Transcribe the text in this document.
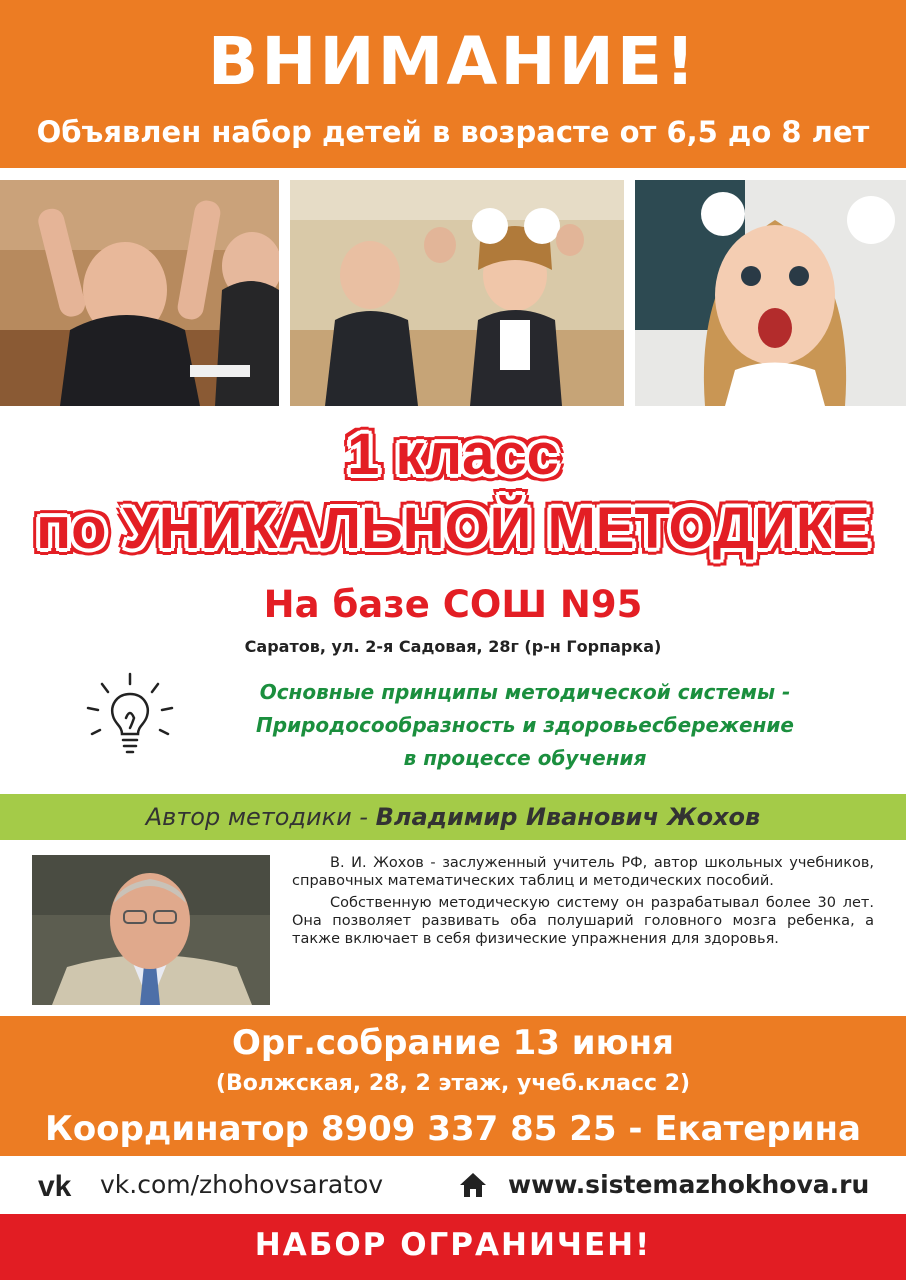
ВНИМАНИЕ!
Объявлен набор детей в возрасте от 6,5 до 8 лет
1 класс
по УНИКАЛЬНОЙ МЕТОДИКЕ
На базе СОШ N95
Саратов, ул. 2-я Садовая, 28г (р-н Горпарка)
Основные принципы методической системы -
Природосообразность и здоровьесбережение
в процессе обучения
Автор методики - Владимир Иванович Жохов

В. И. Жохов - заслуженный учитель РФ, автор школьных учебников, справочных математических таблиц и методических пособий.

Собственную методическую систему он разрабатывал более 30 лет. Она позволяет развивать оба полушарий головного мозга ребенка, а также включает в себя физические упражнения для здоровья.

Орг.собрание 13 июня
(Волжская, 28, 2 этаж, учеб.класс 2)
Координатор 8909 337 85 25 - Екатерина
vk vk.com/zhohovsaratov	www.sistemazhokhova.ru
НАБОР ОГРАНИЧЕН!
